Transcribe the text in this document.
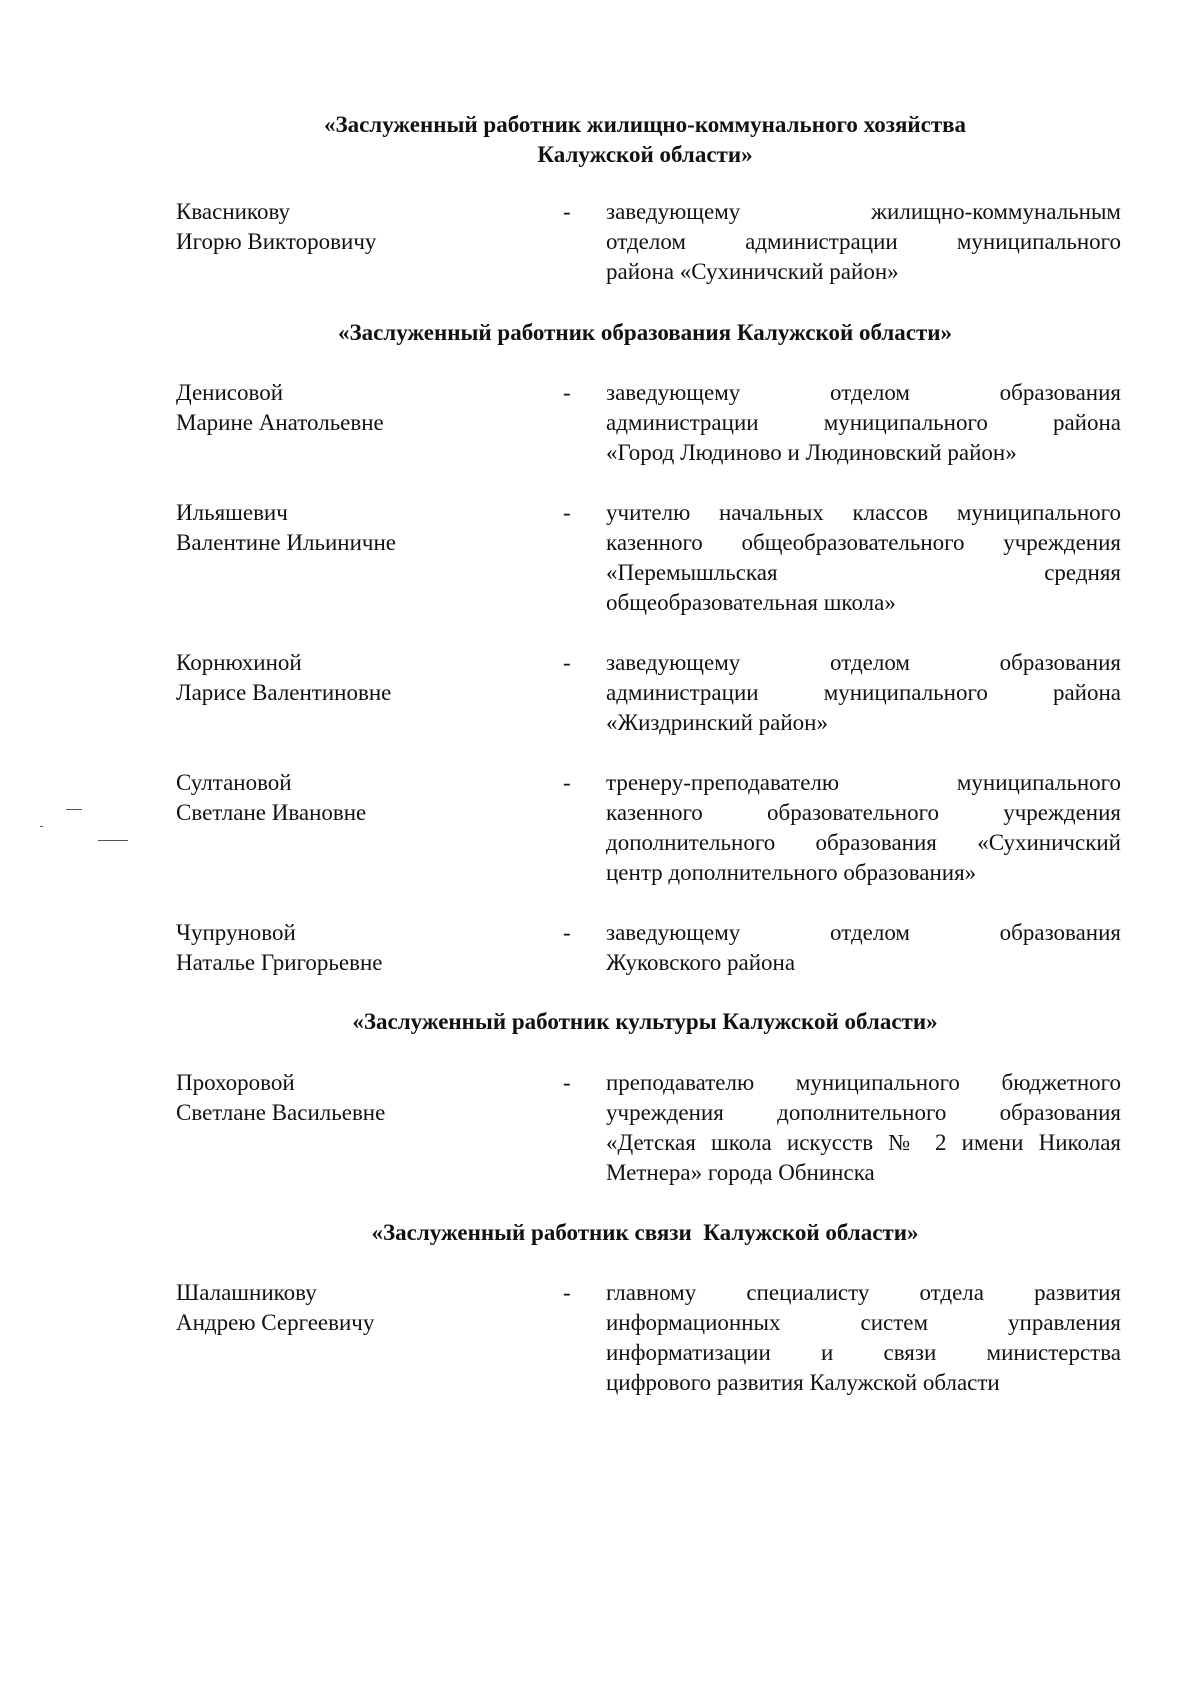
«Заслуженный работник жилищно-коммунального хозяйства
Калужской области»
Квасникову
Игорю Викторовичу
- заведующему жилищно-коммунальным
отделом администрации муниципального
района «Сухиничский район»
«Заслуженный работник образования Калужской области»
Денисовой
Марине Анатольевне
- заведующему отделом образования
администрации муниципального района
«Город Людиново и Людиновский район»
Ильяшевич
Валентине Ильиничне
- учителю начальных классов муниципального
казенного общеобразовательного учреждения
«Перемышльская средняя
общеобразовательная школа»
Корнюхиной
Ларисе Валентиновне
- заведующему отделом образования
администрации муниципального района
«Жиздринский район»
Султановой
Светлане Ивановне
- тренеру-преподавателю муниципального
казенного образовательного учреждения
дополнительного образования «Сухиничский
центр дополнительного образования»
Чупруновой
Наталье Григорьевне
- заведующему отделом образования
Жуковского района
«Заслуженный работник культуры Калужской области»
Прохоровой
Светлане Васильевне
- преподавателю муниципального бюджетного
учреждения дополнительного образования
«Детская школа искусств № 2 имени Николая
Метнера» города Обнинска
«Заслуженный работник связи  Калужской области»
Шалашникову
Андрею Сергеевичу
- главному специалисту отдела развития
информационных систем управления
информатизации и связи министерства
цифрового развития Калужской области
